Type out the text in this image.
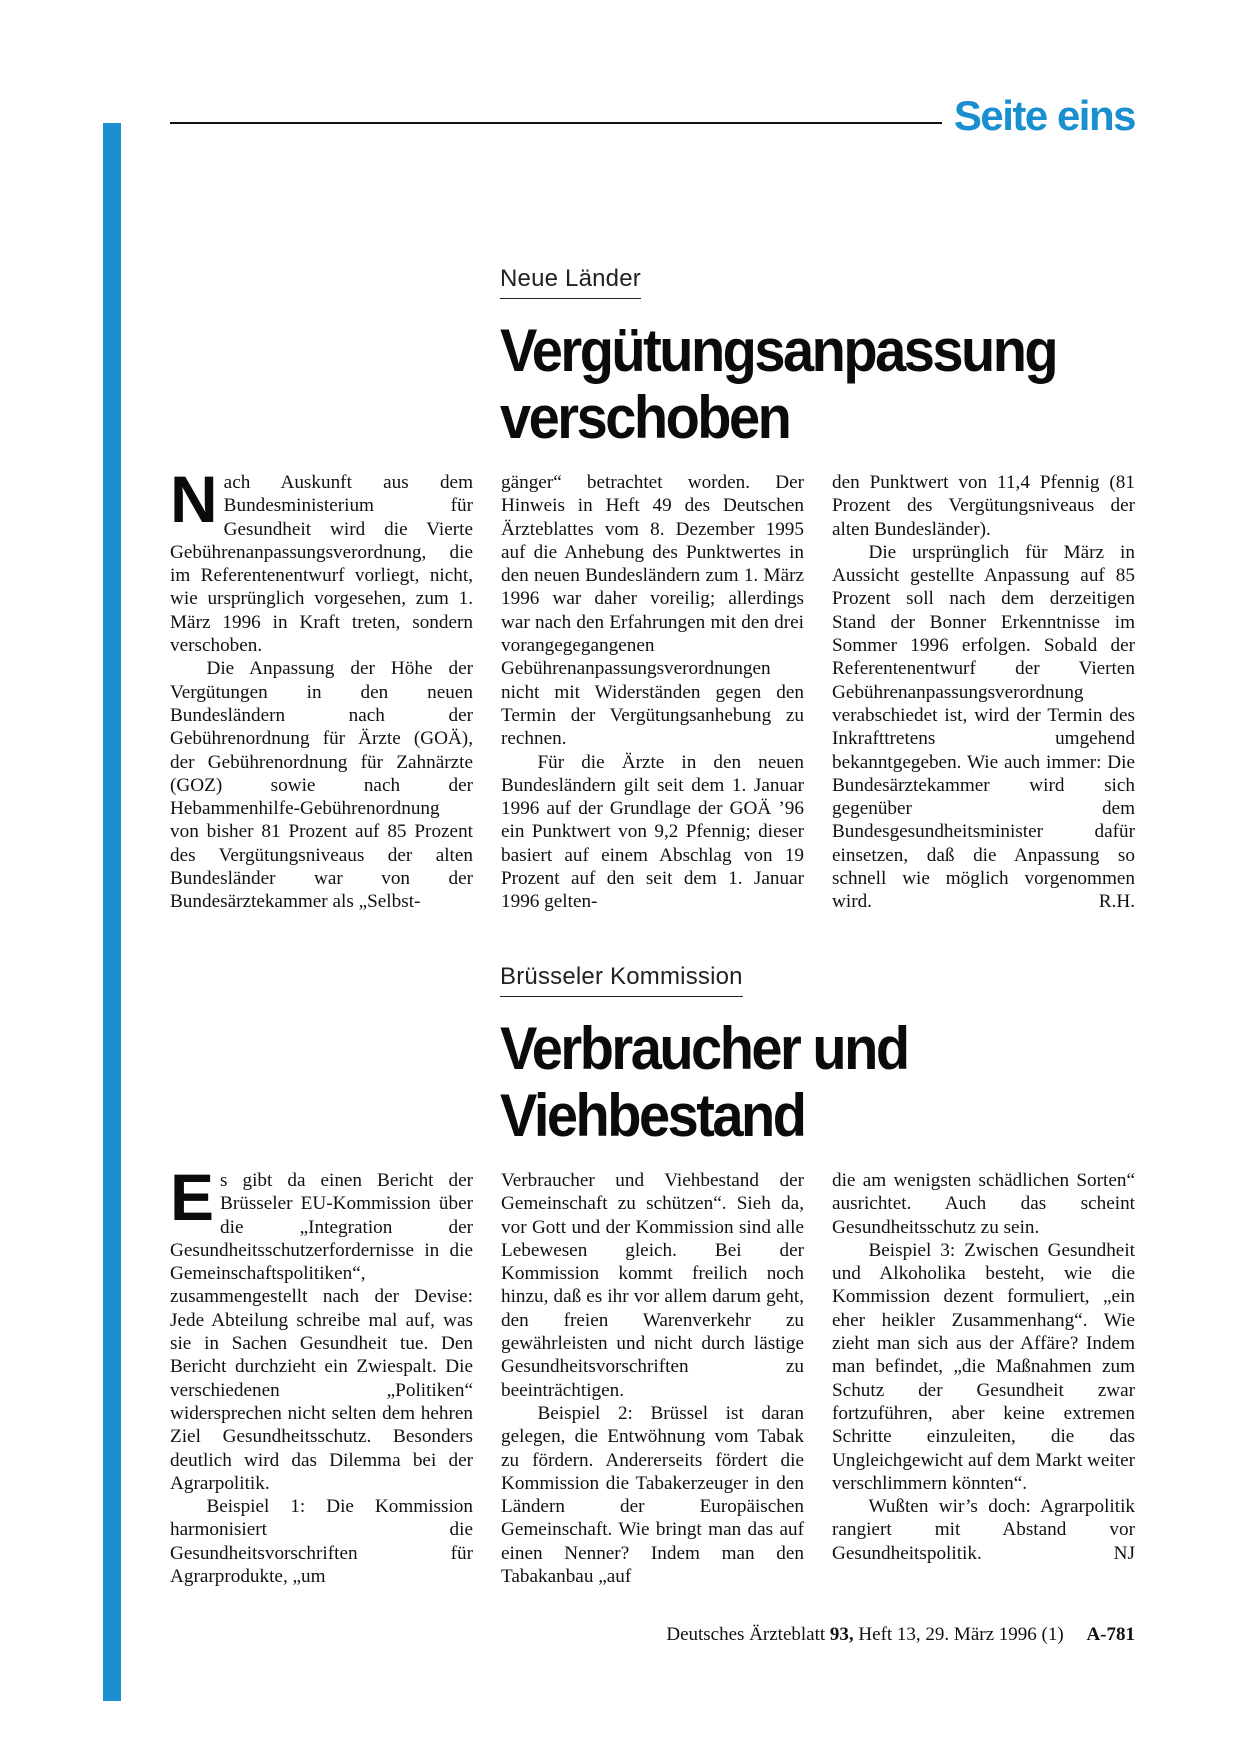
Seite eins
Neue Länder
Vergütungsanpassung
verschoben

Nach Auskunft aus dem Bundesministerium für Gesundheit wird die Vierte Gebührenanpassungsverordnung, die im Referentenentwurf vorliegt, nicht, wie ursprünglich vorgesehen, zum 1. März 1996 in Kraft treten, sondern verschoben.

Die Anpassung der Höhe der Vergütungen in den neuen Bundesländern nach der Gebührenordnung für Ärzte (GOÄ), der Gebührenordnung für Zahnärzte (GOZ) sowie nach der Hebammenhilfe-Gebührenordnung von bisher 81 Prozent auf 85 Prozent des Vergütungsniveaus der alten Bundesländer war von der Bundesärztekammer als „Selbst-

gänger“ betrachtet worden. Der Hinweis in Heft 49 des Deutschen Ärzteblattes vom 8. Dezember 1995 auf die Anhebung des Punktwertes in den neuen Bundesländern zum 1. März 1996 war daher voreilig; allerdings war nach den Erfahrungen mit den drei vorangegegangenen Gebührenanpassungsverordnungen nicht mit Widerständen gegen den Termin der Vergütungsanhebung zu rechnen.

Für die Ärzte in den neuen Bundesländern gilt seit dem 1. Januar 1996 auf der Grundlage der GOÄ ’96 ein Punktwert von 9,2 Pfennig; dieser basiert auf einem Abschlag von 19 Prozent auf den seit dem 1. Januar 1996 gelten-

den Punktwert von 11,4 Pfennig (81 Prozent des Vergütungsniveaus der alten Bundesländer).

Die ursprünglich für März in Aussicht gestellte Anpassung auf 85 Prozent soll nach dem derzeitigen Stand der Bonner Erkenntnisse im Sommer 1996 erfolgen. Sobald der Referentenentwurf der Vierten Gebührenanpassungsverordnung verabschiedet ist, wird der Termin des Inkrafttretens umgehend bekanntgegeben. Wie auch immer: Die Bundesärztekammer wird sich gegenüber dem Bundesgesundheitsminister dafür einsetzen, daß die Anpassung so schnell wie möglich vorgenommen wird.	R.H.

Brüsseler Kommission
Verbraucher und
Viehbestand

Es gibt da einen Bericht der Brüsseler EU-Kommission über die „Integration der Gesundheitsschutzerfordernisse in die Gemeinschaftspolitiken“, zusammengestellt nach der Devise: Jede Abteilung schreibe mal auf, was sie in Sachen Gesundheit tue. Den Bericht durchzieht ein Zwiespalt. Die verschiedenen „Politiken“ widersprechen nicht selten dem hehren Ziel Gesundheitsschutz. Besonders deutlich wird das Dilemma bei der Agrarpolitik.

Beispiel 1: Die Kommission harmonisiert die Gesundheitsvorschriften für Agrarprodukte, „um

Verbraucher und Viehbestand der Gemeinschaft zu schützen“. Sieh da, vor Gott und der Kommission sind alle Lebewesen gleich. Bei der Kommission kommt freilich noch hinzu, daß es ihr vor allem darum geht, den freien Warenverkehr zu gewährleisten und nicht durch lästige Gesundheitsvorschriften zu beeinträchtigen.

Beispiel 2: Brüssel ist daran gelegen, die Entwöhnung vom Tabak zu fördern. Andererseits fördert die Kommission die Tabakerzeuger in den Ländern der Europäischen Gemeinschaft. Wie bringt man das auf einen Nenner? Indem man den Tabakanbau „auf

die am wenigsten schädlichen Sorten“ ausrichtet. Auch das scheint Gesundheitsschutz zu sein.

Beispiel 3: Zwischen Gesundheit und Alkoholika besteht, wie die Kommission dezent formuliert, „ein eher heikler Zusammenhang“. Wie zieht man sich aus der Affäre? Indem man befindet, „die Maßnahmen zum Schutz der Gesundheit zwar fortzuführen, aber keine extremen Schritte einzuleiten, die das Ungleichgewicht auf dem Markt weiter verschlimmern könnten“.

Wußten wir’s doch: Agrarpolitik rangiert mit Abstand vor Gesundheitspolitik.	NJ

Deutsches Ärzteblatt 93, Heft 13, 29. März 1996 (1) A-781
